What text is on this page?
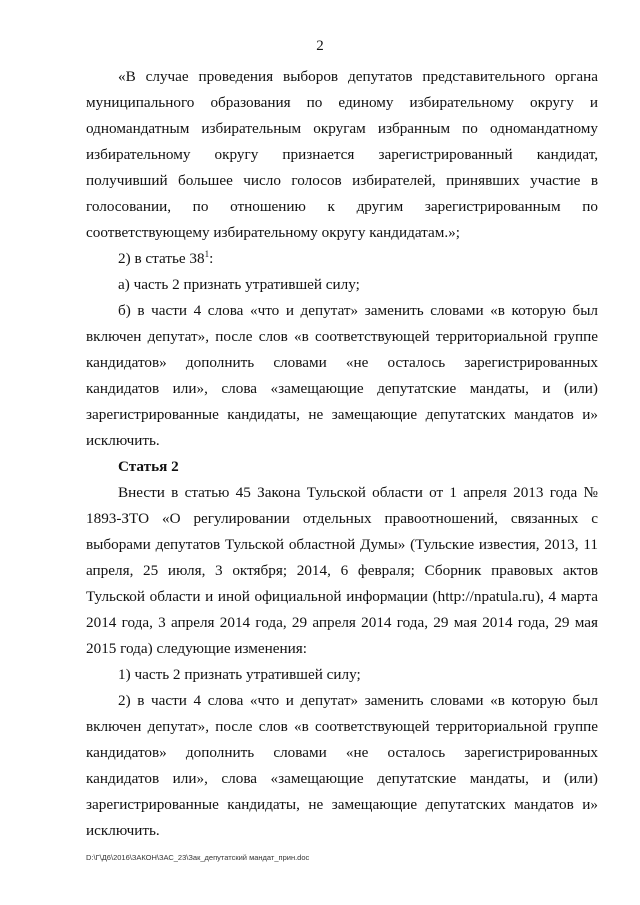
2

«В случае проведения выборов депутатов представительного органа муниципального образования по единому избирательному округу и одномандатным избирательным округам избранным по одномандатному избирательному округу признается зарегистрированный кандидат, получивший большее число голосов избирателей, принявших участие в голосовании, по отношению к другим зарегистрированным по соответствующему избирательному округу кандидатам.»;

2) в статье $38^1$:

а) часть 2 признать утратившей силу;

б) в части 4 слова «что и депутат» заменить словами «в которую был включен депутат», после слов «в соответствующей территориальной группе кандидатов» дополнить словами «не осталось зарегистрированных кандидатов или», слова «замещающие депутатские мандаты, и (или) зарегистрированные кандидаты, не замещающие депутатских мандатов и» исключить.

Статья 2

Внести в статью 45 Закона Тульской области от 1 апреля 2013 года № 1893-ЗТО «О регулировании отдельных правоотношений, связанных с выборами депутатов Тульской областной Думы» (Тульские известия, 2013, 11 апреля, 25 июля, 3 октября; 2014, 6 февраля; Сборник правовых актов Тульской области и иной официальной информации (http://npatula.ru), 4 марта 2014 года, 3 апреля 2014 года, 29 апреля 2014 года, 29 мая 2014 года, 29 мая 2015 года) следующие изменения:

1) часть 2 признать утратившей силу;

2) в части 4 слова «что и депутат» заменить словами «в которую был включен депутат», после слов «в соответствующей территориальной группе кандидатов» дополнить словами «не осталось зарегистрированных кандидатов или», слова «замещающие депутатские мандаты, и (или) зарегистрированные кандидаты, не замещающие депутатских мандатов и» исключить.

D:\Г\Д6\2016\ЗАКОН\ЗАС_23\Зак_депутатский мандат_прин.doc
